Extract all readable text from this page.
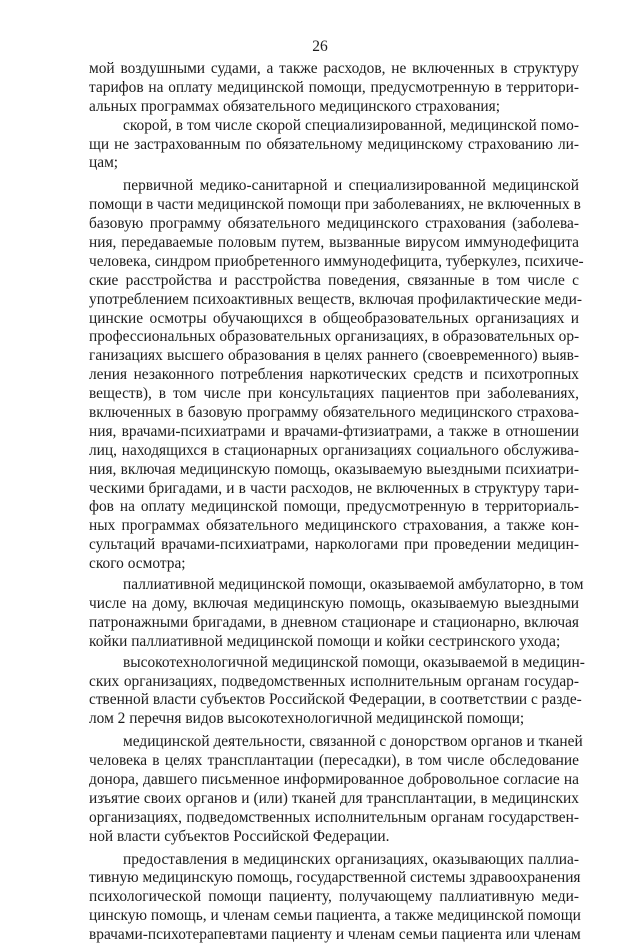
26
мой воздушными судами, а также расходов, не включенных в структуру
тарифов на оплату медицинской помощи, предусмотренную в территори-
альных программах обязательного медицинского страхования;
скорой, в том числе скорой специализированной, медицинской помо-
щи не застрахованным по обязательному медицинскому страхованию ли-
цам;
первичной медико-санитарной и специализированной медицинской
помощи в части медицинской помощи при заболеваниях, не включенных в
базовую программу обязательного медицинского страхования (заболева-
ния, передаваемые половым путем, вызванные вирусом иммунодефицита
человека, синдром приобретенного иммунодефицита, туберкулез, психиче-
ские расстройства и расстройства поведения, связанные в том числе с
употреблением психоактивных веществ, включая профилактические меди-
цинские осмотры обучающихся в общеобразовательных организациях и
профессиональных образовательных организациях, в образовательных ор-
ганизациях высшего образования в целях раннего (своевременного) выяв-
ления незаконного потребления наркотических средств и психотропных
веществ), в том числе при консультациях пациентов при заболеваниях,
включенных в базовую программу обязательного медицинского страхова-
ния, врачами-психиатрами и врачами-фтизиатрами, а также в отношении
лиц, находящихся в стационарных организациях социального обслужива-
ния, включая медицинскую помощь, оказываемую выездными психиатри-
ческими бригадами, и в части расходов, не включенных в структуру тари-
фов на оплату медицинской помощи, предусмотренную в территориаль-
ных программах обязательного медицинского страхования, а также кон-
сультаций врачами-психиатрами, наркологами при проведении медицин-
ского осмотра;
паллиативной медицинской помощи, оказываемой амбулаторно, в том
числе на дому, включая медицинскую помощь, оказываемую выездными
патронажными бригадами, в дневном стационаре и стационарно, включая
койки паллиативной медицинской помощи и койки сестринского ухода;
высокотехнологичной медицинской помощи, оказываемой в медицин-
ских организациях, подведомственных исполнительным органам государ-
ственной власти субъектов Российской Федерации, в соответствии с разде-
лом 2 перечня видов высокотехнологичной медицинской помощи;
медицинской деятельности, связанной с донорством органов и тканей
человека в целях трансплантации (пересадки), в том числе обследование
донора, давшего письменное информированное добровольное согласие на
изъятие своих органов и (или) тканей для трансплантации, в медицинских
организациях, подведомственных исполнительным органам государствен-
ной власти субъектов Российской Федерации.
предоставления в медицинских организациях, оказывающих паллиа-
тивную медицинскую помощь, государственной системы здравоохранения
психологической помощи пациенту, получающему паллиативную меди-
цинскую помощь, и членам семьи пациента, а также медицинской помощи
врачами-психотерапевтами пациенту и членам семьи пациента или членам
